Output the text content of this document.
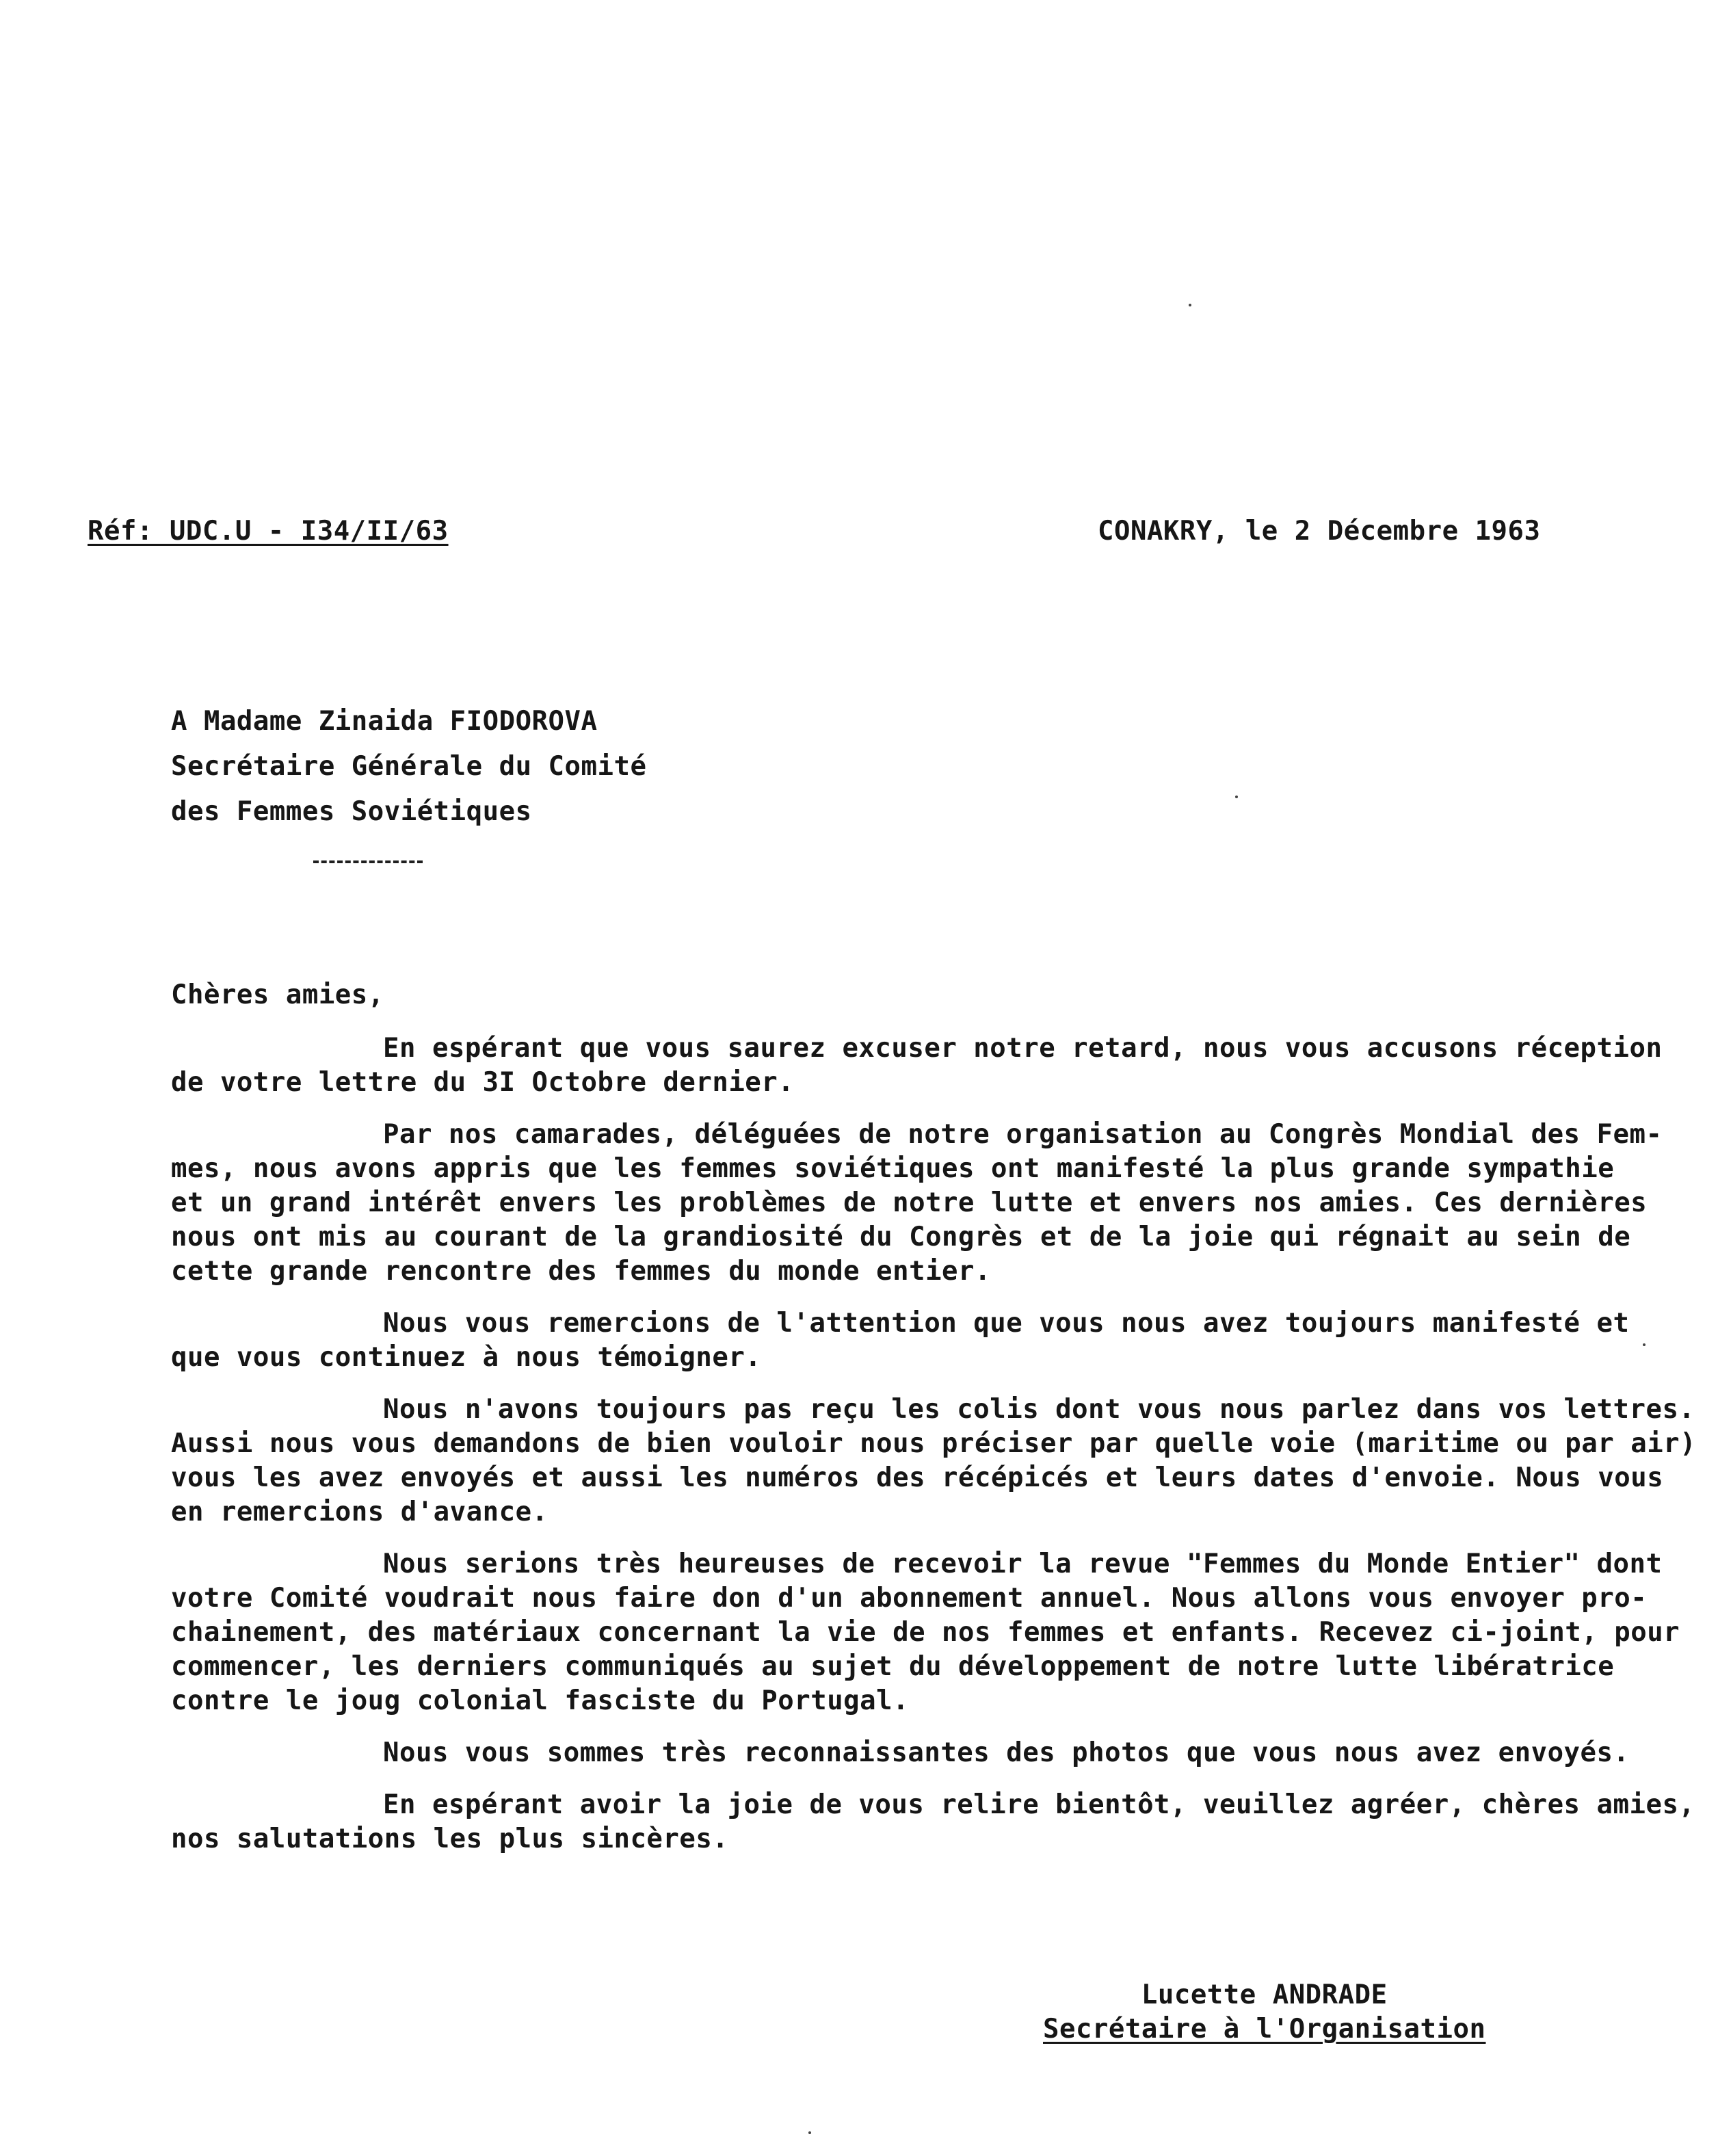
Réf: UDC.U - I34/II/63	CONAKRY, le 2 Décembre 1963
A Madame Zinaida FIODOROVA
Secrétaire Générale du Comité
des Femmes Soviétiques
Chères amies,
En espérant que vous saurez excuser notre retard, nous vous accusons réception
de votre lettre du 3I Octobre dernier.
Par nos camarades, déléguées de notre organisation au Congrès Mondial des Fem-
mes, nous avons appris que les femmes soviétiques ont manifesté la plus grande sympathie
et un grand intérêt envers les problèmes de notre lutte et envers nos amies. Ces dernières
nous ont mis au courant de la grandiosité du Congrès et de la joie qui régnait au sein de
cette grande rencontre des femmes du monde entier.
Nous vous remercions de l'attention que vous nous avez toujours manifesté et
que vous continuez à nous témoigner.
Nous n'avons toujours pas reçu les colis dont vous nous parlez dans vos lettres.
Aussi nous vous demandons de bien vouloir nous préciser par quelle voie (maritime ou par air)
vous les avez envoyés et aussi les numéros des récépicés et leurs dates d'envoie. Nous vous
en remercions d'avance.
Nous serions très heureuses de recevoir la revue "Femmes du Monde Entier" dont
votre Comité voudrait nous faire don d'un abonnement annuel. Nous allons vous envoyer pro-
chainement, des matériaux concernant la vie de nos femmes et enfants. Recevez ci-joint, pour
commencer, les derniers communiqués au sujet du développement de notre lutte libératrice
contre le joug colonial fasciste du Portugal.
Nous vous sommes très reconnaissantes des photos que vous nous avez envoyés.
En espérant avoir la joie de vous relire bientôt, veuillez agréer, chères amies,
nos salutations les plus sincères.
Lucette ANDRADE
Secrétaire à l'Organisation
